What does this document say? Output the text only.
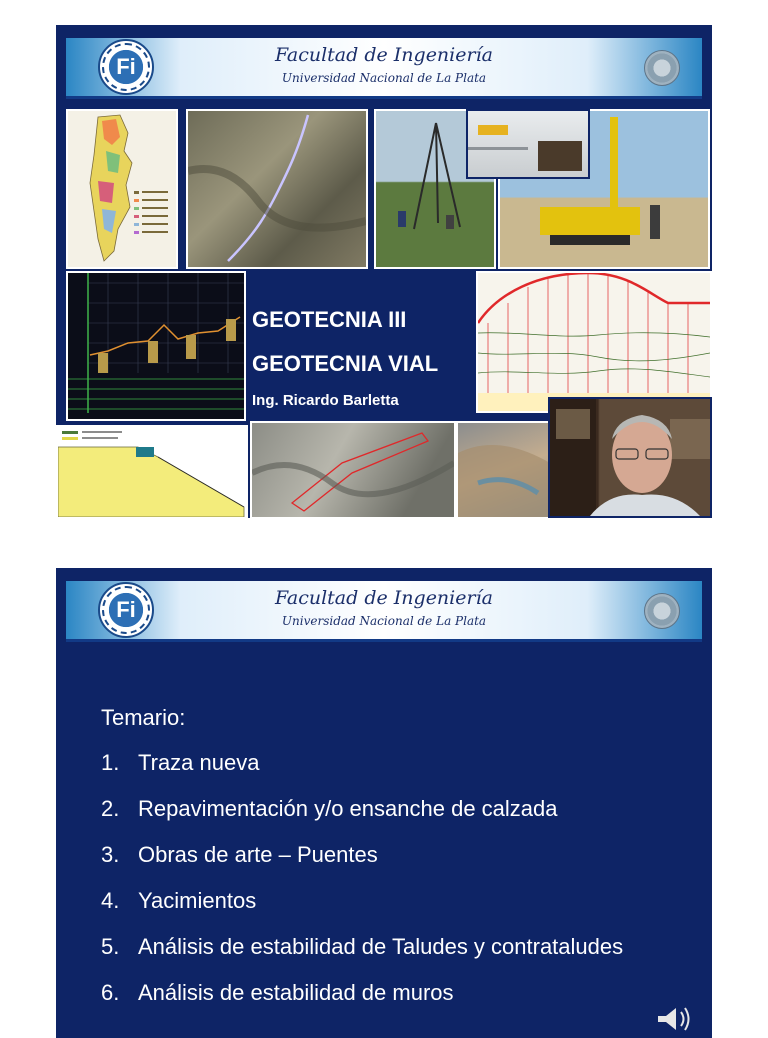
Fi	Facultad de Ingeniería
Universidad Nacional de La Plata
GEOTECNIA III
GEOTECNIA VIAL
Ing. Ricardo Barletta
Fi	Facultad de Ingeniería
Universidad Nacional de La Plata
Temario:
1. Traza nueva
2. Repavimentación y/o ensanche de calzada
3. Obras de arte – Puentes
4. Yacimientos
5. Análisis de estabilidad de Taludes y contrataludes
6. Análisis de estabilidad de muros
